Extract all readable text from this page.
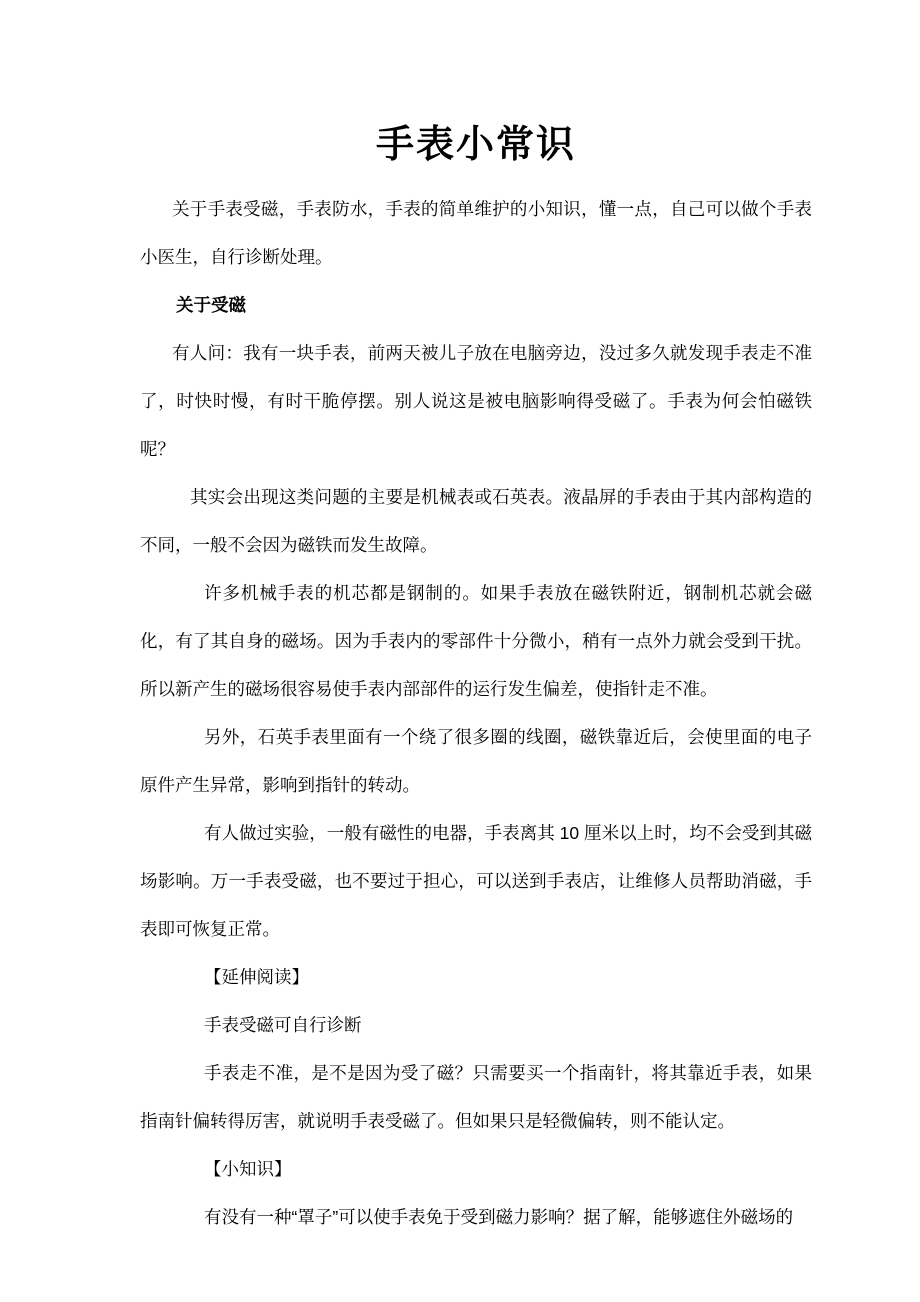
手表小常识

关于手表受磁，手表防水，手表的简单维护的小知识，懂一点，自己可以做个手表小医生，自行诊断处理。

关于受磁

有人问：我有一块手表，前两天被儿子放在电脑旁边，没过多久就发现手表走不准了，时快时慢，有时干脆停摆。别人说这是被电脑影响得受磁了。手表为何会怕磁铁呢？

其实会出现这类问题的主要是机械表或石英表。液晶屏的手表由于其内部构造的不同，一般不会因为磁铁而发生故障。

许多机械手表的机芯都是钢制的。如果手表放在磁铁附近，钢制机芯就会磁化，有了其自身的磁场。因为手表内的零部件十分微小，稍有一点外力就会受到干扰。所以新产生的磁场很容易使手表内部部件的运行发生偏差，使指针走不准。

另外，石英手表里面有一个绕了很多圈的线圈，磁铁靠近后，会使里面的电子原件产生异常，影响到指针的转动。

有人做过实验，一般有磁性的电器，手表离其 10 厘米以上时，均不会受到其磁场影响。万一手表受磁，也不要过于担心，可以送到手表店，让维修人员帮助消磁，手表即可恢复正常。

【延伸阅读】

手表受磁可自行诊断

手表走不准，是不是因为受了磁？只需要买一个指南针，将其靠近手表，如果指南针偏转得厉害，就说明手表受磁了。但如果只是轻微偏转，则不能认定。

【小知识】

有没有一种“罩子”可以使手表免于受到磁力影响？据了解，能够遮住外磁场的
